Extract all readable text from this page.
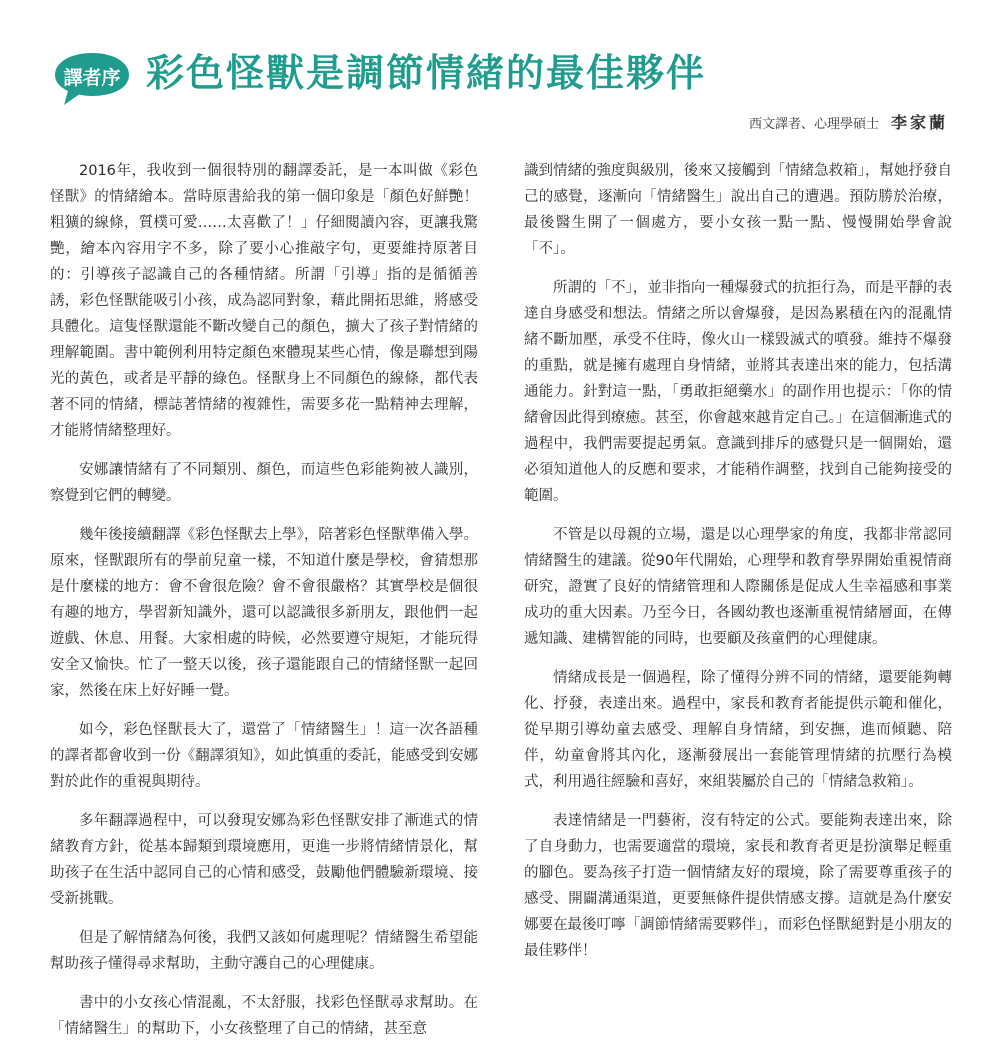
譯者序 彩色怪獸是調節情緒的最佳夥伴
西文譯者、心理學碩士 李家蘭

2016年，我收到一個很特別的翻譯委託，是一本叫做《彩色怪獸》的情緒繪本。當時原書給我的第一個印象是「顏色好鮮艷！粗獷的線條，質樸可愛……太喜歡了！」仔細閱讀內容，更讓我驚艷，繪本內容用字不多，除了要小心推敲字句，更要維持原著目的：引導孩子認識自己的各種情緒。所謂「引導」指的是循循善誘，彩色怪獸能吸引小孩，成為認同對象，藉此開拓思維，將感受具體化。這隻怪獸還能不斷改變自己的顏色，擴大了孩子對情緒的理解範圍。書中範例利用特定顏色來體現某些心情，像是聯想到陽光的黃色，或者是平靜的綠色。怪獸身上不同顏色的線條，都代表著不同的情緒，標誌著情緒的複雜性，需要多花一點精神去理解，才能將情緒整理好。

安娜讓情緒有了不同類別、顏色，而這些色彩能夠被人識別，察覺到它們的轉變。

幾年後接續翻譯《彩色怪獸去上學》，陪著彩色怪獸準備入學。原來，怪獸跟所有的學前兒童一樣，不知道什麼是學校，會猜想那是什麼樣的地方：會不會很危險？會不會很嚴格？其實學校是個很有趣的地方，學習新知識外，還可以認識很多新朋友，跟他們一起遊戲、休息、用餐。大家相處的時候，必然要遵守規矩，才能玩得安全又愉快。忙了一整天以後，孩子還能跟自己的情緒怪獸一起回家，然後在床上好好睡一覺。

如今，彩色怪獸長大了，還當了「情緒醫生」！這一次各語種的譯者都會收到一份《翻譯須知》，如此慎重的委託，能感受到安娜對於此作的重視與期待。

多年翻譯過程中，可以發現安娜為彩色怪獸安排了漸進式的情緒教育方針，從基本歸類到環境應用，更進一步將情緒情景化，幫助孩子在生活中認同自己的心情和感受，鼓勵他們體驗新環境、接受新挑戰。

但是了解情緒為何後，我們又該如何處理呢？情緒醫生希望能幫助孩子懂得尋求幫助，主動守護自己的心理健康。

書中的小女孩心情混亂，不太舒服，找彩色怪獸尋求幫助。在「情緒醫生」的幫助下，小女孩整理了自己的情緒，甚至意

識到情緒的強度與級別，後來又接觸到「情緒急救箱」，幫她抒發自己的感覺，逐漸向「情緒醫生」說出自己的遭遇。預防勝於治療，最後醫生開了一個處方，要小女孩一點一點、慢慢開始學會說「不」。

所謂的「不」，並非指向一種爆發式的抗拒行為，而是平靜的表達自身感受和想法。情緒之所以會爆發，是因為累積在內的混亂情緒不斷加壓，承受不住時，像火山一樣毀滅式的噴發。維持不爆發的重點，就是擁有處理自身情緒，並將其表達出來的能力，包括溝通能力。針對這一點，「勇敢拒絕藥水」的副作用也提示：「你的情緒會因此得到療癒。甚至，你會越來越肯定自己。」在這個漸進式的過程中，我們需要提起勇氣。意識到排斥的感覺只是一個開始，還必須知道他人的反應和要求，才能稍作調整，找到自己能夠接受的範圍。

不管是以母親的立場，還是以心理學家的角度，我都非常認同情緒醫生的建議。從90年代開始，心理學和教育學界開始重視情商研究，證實了良好的情緒管理和人際關係是促成人生幸福感和事業成功的重大因素。乃至今日，各國幼教也逐漸重視情緒層面，在傳遞知識、建構智能的同時，也要顧及孩童們的心理健康。

情緒成長是一個過程，除了懂得分辨不同的情緒，還要能夠轉化、抒發，表達出來。過程中，家長和教育者能提供示範和催化，從早期引導幼童去感受、理解自身情緒，到安撫，進而傾聽、陪伴，幼童會將其內化，逐漸發展出一套能管理情緒的抗壓行為模式，利用過往經驗和喜好，來組裝屬於自己的「情緒急救箱」。

表達情緒是一門藝術，沒有特定的公式。要能夠表達出來，除了自身動力，也需要適當的環境，家長和教育者更是扮演舉足輕重的腳色。要為孩子打造一個情緒友好的環境，除了需要尊重孩子的感受、開闢溝通渠道，更要無條件提供情感支撐。這就是為什麼安娜要在最後叮嚀「調節情緒需要夥伴」，而彩色怪獸絕對是小朋友的最佳夥伴！
